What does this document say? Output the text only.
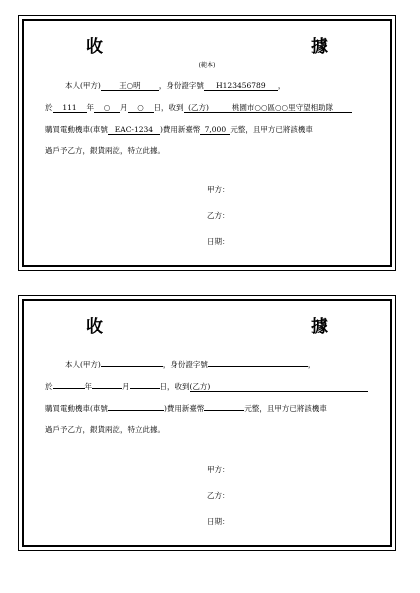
收　　據
(範本)
本人(甲方) 王○明 ，身份證字號 H123456789 ，
於 111 年 ○ 月 ○ 日，收到 (乙方)	桃園市○○區○○里守望相助隊
購買電動機車(車號 EAC-1234 )費用新臺幣 7,000 元整，且甲方已將該機車
過戶予乙方，銀貨兩訖，特立此據。
甲方：
乙方：
日期：
收　　據
本人(甲方)	，身份證字號	，
於	年	月	日，收到(乙方)
購買電動機車(車號	)費用新臺幣	元整，且甲方已將該機車
過戶予乙方，銀貨兩訖，特立此據。
甲方：
乙方：
日期：
